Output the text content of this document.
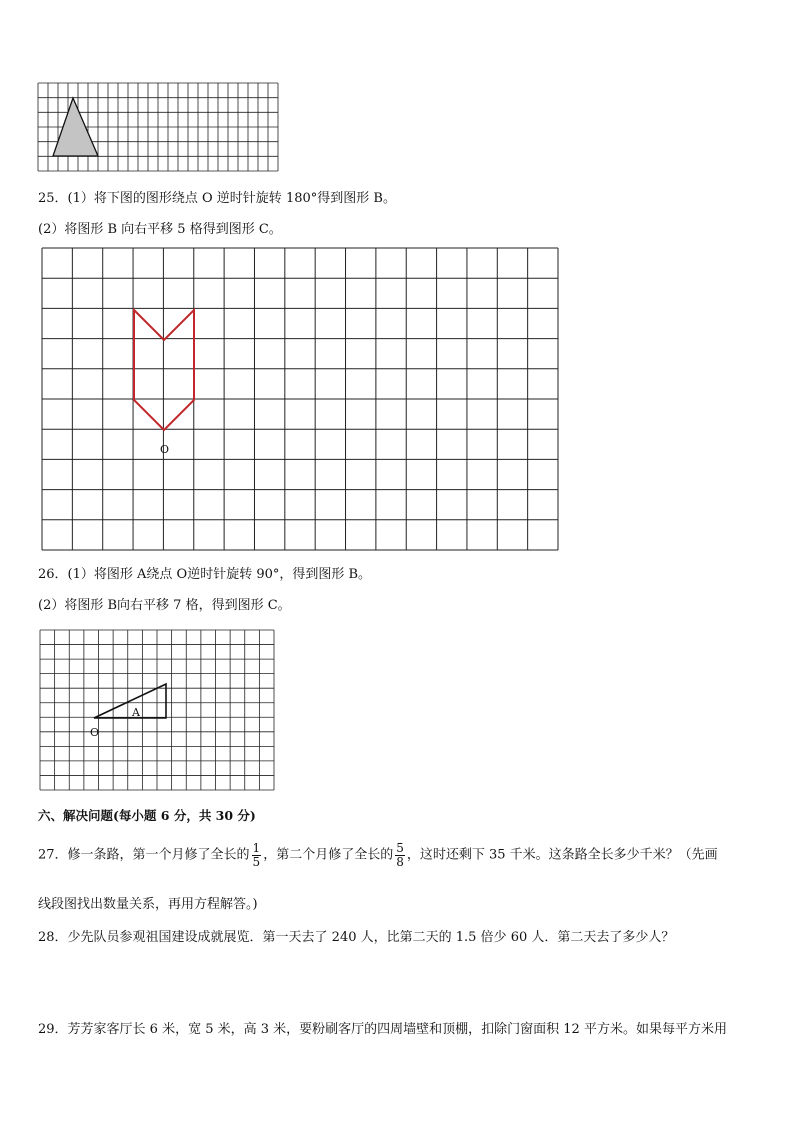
25．(1）将下图的图形绕点 O 逆时针旋转 180°得到图形 B。
(2）将图形 B 向右平移 5 格得到图形 C。
O
26．(1）将图形 A绕点 O逆时针旋转 90°，得到图形 B。
(2）将图形 B向右平移 7 格，得到图形 C。
A
O
六、解决问题(每小题 6 分，共 30 分)
27．修一条路，第一个月修了全长的 $\frac{1}{5}$ ，第二个月修了全长的 $\frac{5}{8}$ ，这时还剩下 35 千米。这条路全长多少千米？（先画
线段图找出数量关系，再用方程解答。)
28．少先队员参观祖国建设成就展览．第一天去了 240 人，比第二天的 1.5 倍少 60 人．第二天去了多少人？
29．芳芳家客厅长 6 米，宽 5 米，高 3 米，要粉刷客厅的四周墙壁和顶棚，扣除门窗面积 12 平方米。如果每平方米用
